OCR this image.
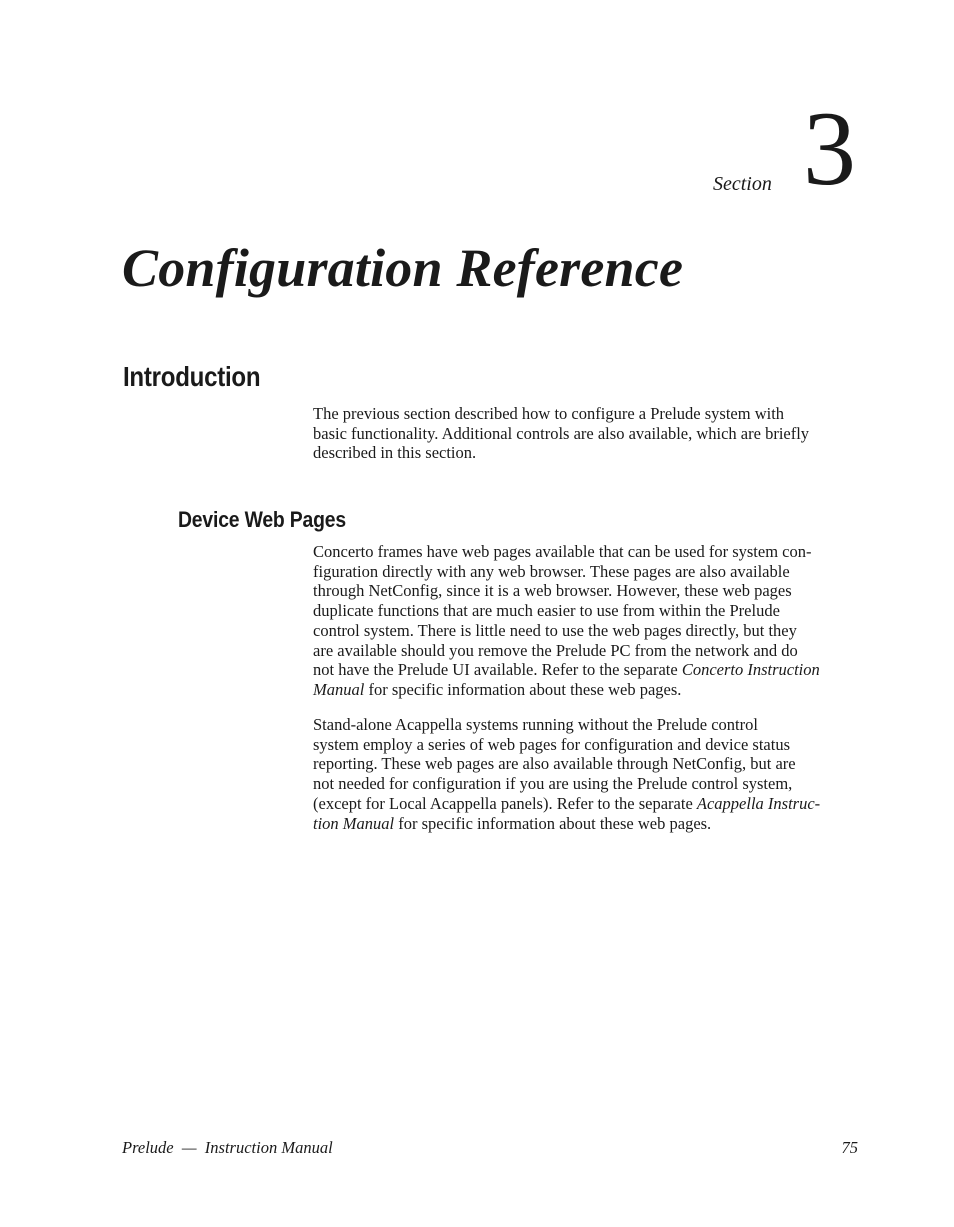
Section 3
Configuration Reference
Introduction

The previous section described how to configure a Prelude system with
basic functionality. Additional controls are also available, which are briefly
described in this section.

Device Web Pages

Concerto frames have web pages available that can be used for system con-
figuration directly with any web browser. These pages are also available
through NetConfig, since it is a web browser. However, these web pages
duplicate functions that are much easier to use from within the Prelude
control system. There is little need to use the web pages directly, but they
are available should you remove the Prelude PC from the network and do
not have the Prelude UI available. Refer to the separate Concerto Instruction
Manual for specific information about these web pages.

Stand-alone Acappella systems running without the Prelude control
system employ a series of web pages for configuration and device status
reporting. These web pages are also available through NetConfig, but are
not needed for configuration if you are using the Prelude control system,
(except for Local Acappella panels). Refer to the separate Acappella Instruc-
tion Manual for specific information about these web pages.

Prelude  —  Instruction Manual	75
